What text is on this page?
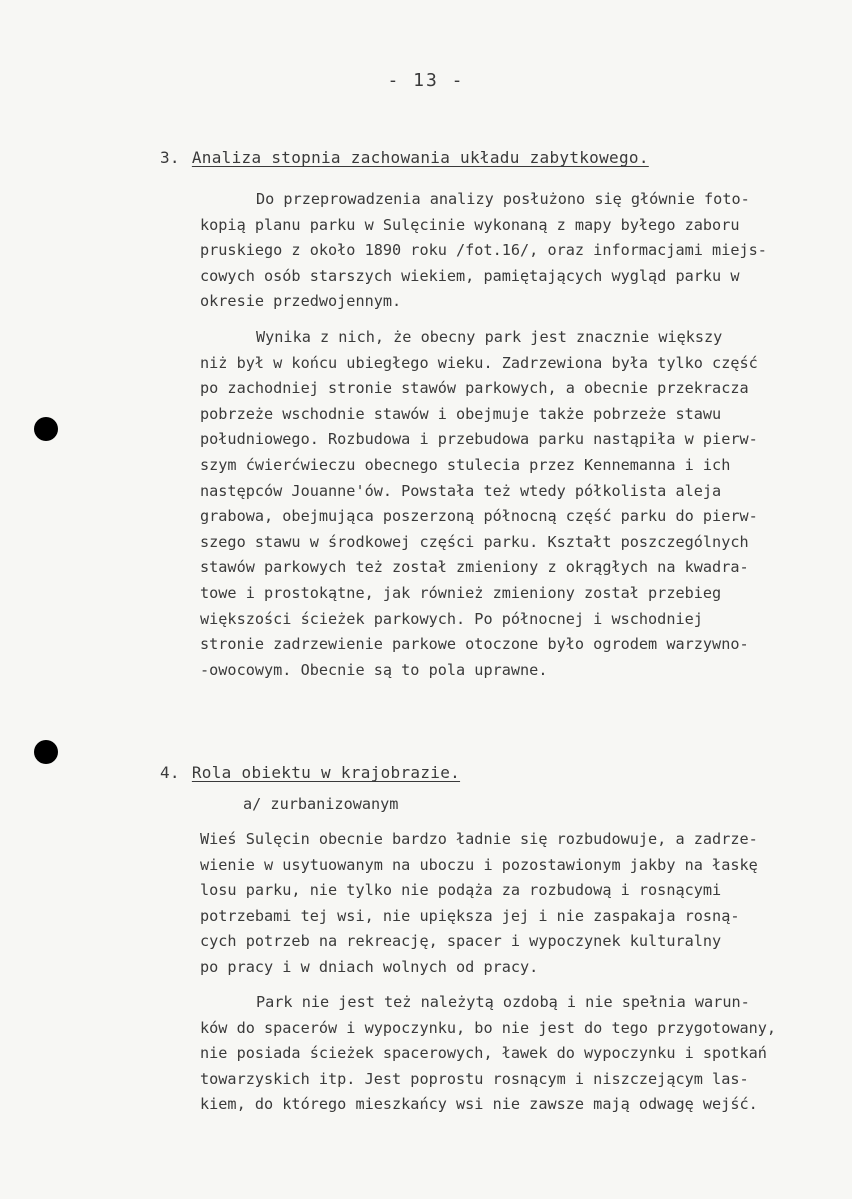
- 13 -
3. Analiza stopnia zachowania układu zabytkowego.
Do przeprowadzenia analizy posłużono się głównie foto-
kopią planu parku w Sulęcinie wykonaną z mapy byłego zaboru
pruskiego z około 1890 roku /fot.16/, oraz informacjami miejs-
cowych osób starszych wiekiem, pamiętających wygląd parku w
okresie przedwojennym.
Wynika z nich, że obecny park jest znacznie większy
niż był w końcu ubiegłego wieku. Zadrzewiona była tylko część
po zachodniej stronie stawów parkowych, a obecnie przekracza
pobrzeże wschodnie stawów i obejmuje także pobrzeże stawu
południowego. Rozbudowa i przebudowa parku nastąpiła w pierw-
szym ćwierćwieczu obecnego stulecia przez Kennemanna i ich
następców Jouanne'ów. Powstała też wtedy półkolista aleja
grabowa, obejmująca poszerzoną północną część parku do pierw-
szego stawu w środkowej części parku. Kształt poszczególnych
stawów parkowych też został zmieniony z okrągłych na kwadra-
towe i prostokątne, jak również zmieniony został przebieg
większości ścieżek parkowych. Po północnej i wschodniej
stronie zadrzewienie parkowe otoczone było ogrodem warzywno-
-owocowym. Obecnie są to pola uprawne.
4. Rola obiektu w krajobrazie.
a/ zurbanizowanym
Wieś Sulęcin obecnie bardzo ładnie się rozbudowuje, a zadrze-
wienie w usytuowanym na uboczu i pozostawionym jakby na łaskę
losu parku, nie tylko nie podąża za rozbudową i rosnącymi
potrzebami tej wsi, nie upiększa jej i nie zaspakaja rosną-
cych potrzeb na rekreację, spacer i wypoczynek kulturalny
po pracy i w dniach wolnych od pracy.
Park nie jest też należytą ozdobą i nie spełnia warun-
ków do spacerów i wypoczynku, bo nie jest do tego przygotowany,
nie posiada ścieżek spacerowych, ławek do wypoczynku i spotkań
towarzyskich itp. Jest poprostu rosnącym i niszczejącym las-
kiem, do którego mieszkańcy wsi nie zawsze mają odwagę wejść.
